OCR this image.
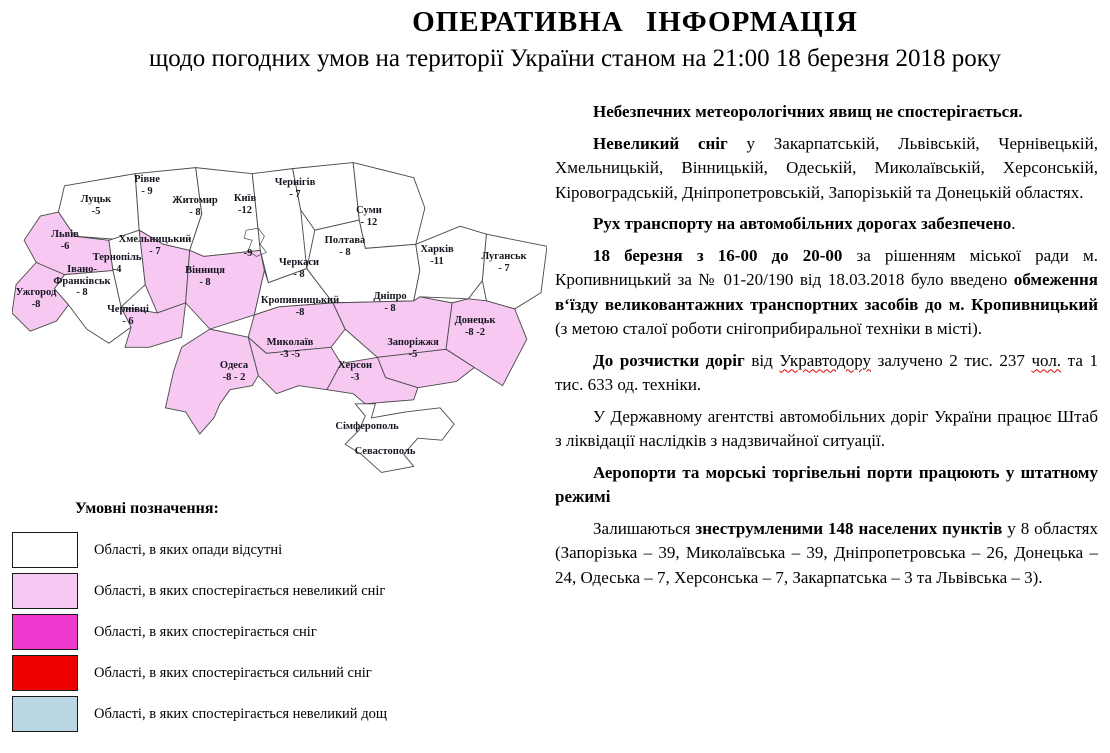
ОПЕРАТИВНА ІНФОРМАЦІЯ
щодо погодних умов на території України станом на 21:00 18 березня 2018 року
Луцьк
-5
Рівне
- 9
Житомир
- 8
-9
Чернігів
- 7
Суми
- 12
Львів
-6
Тернопіль
-4
Хмельницький
- 7
Вінниця
- 8
Івано-Франківськ
- 8
Ужгород
-8	Чернівці
- 6
Черкаси
- 8
Полтава
- 8	Харків
-11	Луганськ
- 7
Кропивницький
-8
Дніпро
- 8
Донецьк
-8 -2
Запоріжжя
-5
Миколаїв
-3 -5
Херсон
-3
Одеса
-8 - 2
Київ
-12
Сімферополь
Севастополь
Умовні позначення:
Області, в яких опади відсутні
Області, в яких спостерігається невеликий сніг
Області, в яких спостерігається сніг
Області, в яких спостерігається сильний сніг
Області, в яких спостерігається невеликий дощ

Небезпечних метеорологічних явищ не спостерігається.

Невеликий сніг у Закарпатській, Львівській, Чернівецькій, Хмельницькій, Вінницькій, Одеській, Миколаївській, Херсонській, Кіровоградській, Дніпропетровській, Запорізькій та Донецькій областях.

Рух транспорту на автомобільних дорогах забезпечено.

18 березня з 16-00 до 20-00 за рішенням міської ради м. Кропивницький за № 01-20/190 від 18.03.2018 було введено обмеження в‘їзду великовантажних транспортних засобів до м. Кропивницький (з метою сталої роботи снігоприбиральної техніки в місті).

До розчистки доріг від Укравтодору залучено 2 тис. 237 чол. та 1 тис. 633 од. техніки.

У Державному агентстві автомобільних доріг України працює Штаб з ліквідації наслідків з надзвичайної ситуації.

Аеропорти та морські торгівельні порти працюють у штатному режимі

Залишаються знеструмленими 148 населених пунктів у 8 областях (Запорізька – 39, Миколаївська – 39, Дніпропетровська – 26, Донецька – 24, Одеська – 7, Херсонська – 7, Закарпатська – 3 та Львівська – 3).
